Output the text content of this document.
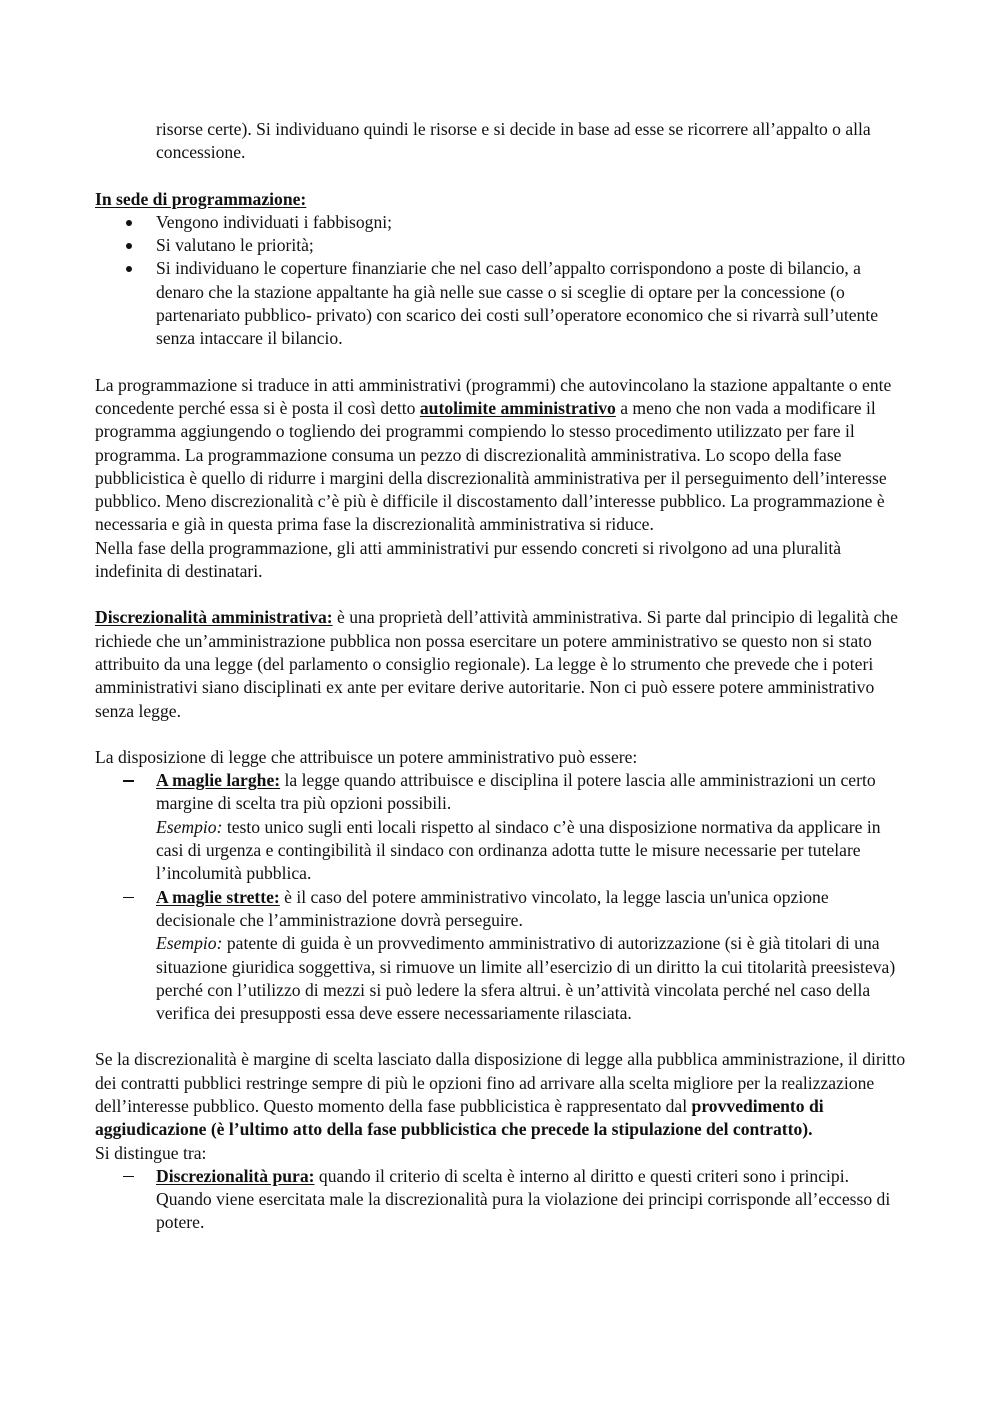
risorse certe). Si individuano quindi le risorse e si decide in base ad esse se ricorrere all’appalto o alla concessione.

In sede di programmazione:

Vengono individuati i fabbisogni;
Si valutano le priorità;
Si individuano le coperture finanziarie che nel caso dell’appalto corrispondono a poste di bilancio, a denaro che la stazione appaltante ha già nelle sue casse o si sceglie di optare per la concessione (o partenariato pubblico- privato) con scarico dei costi sull’operatore economico che si rivarrà sull’utente senza intaccare il bilancio.

La programmazione si traduce in atti amministrativi (programmi) che autovincolano la stazione appaltante o ente concedente perché essa si è posta il così detto autolimite amministrativo a meno che non vada a modificare il programma aggiungendo o togliendo dei programmi compiendo lo stesso procedimento utilizzato per fare il programma. La programmazione consuma un pezzo di discrezionalità amministrativa. Lo scopo della fase pubblicistica è quello di ridurre i margini della discrezionalità amministrativa per il perseguimento dell’interesse pubblico. Meno discrezionalità c’è più è difficile il discostamento dall’interesse pubblico. La programmazione è necessaria e già in questa prima fase la discrezionalità amministrativa si riduce.

Nella fase della programmazione, gli atti amministrativi pur essendo concreti si rivolgono ad una pluralità indefinita di destinatari.

Discrezionalità amministrativa: è una proprietà dell’attività amministrativa. Si parte dal principio di legalità che richiede che un’amministrazione pubblica non possa esercitare un potere amministrativo se questo non si stato attribuito da una legge (del parlamento o consiglio regionale). La legge è lo strumento che prevede che i poteri amministrativi siano disciplinati ex ante per evitare derive autoritarie. Non ci può essere potere amministrativo senza legge.

La disposizione di legge che attribuisce un potere amministrativo può essere:

A maglie larghe: la legge quando attribuisce e disciplina il potere lascia alle amministrazioni un certo margine di scelta tra più opzioni possibili.

Esempio: testo unico sugli enti locali rispetto al sindaco c’è una disposizione normativa da applicare in casi di urgenza e contingibilità il sindaco con ordinanza adotta tutte le misure necessarie per tutelare l’incolumità pubblica.

A maglie strette: è il caso del potere amministrativo vincolato, la legge lascia un'unica opzione decisionale che l’amministrazione dovrà perseguire.

Esempio: patente di guida è un provvedimento amministrativo di autorizzazione (si è già titolari di una situazione giuridica soggettiva, si rimuove un limite all’esercizio di un diritto la cui titolarità preesisteva) perché con l’utilizzo di mezzi si può ledere la sfera altrui. è un’attività vincolata perché nel caso della verifica dei presupposti essa deve essere necessariamente rilasciata.

Se la discrezionalità è margine di scelta lasciato dalla disposizione di legge alla pubblica amministrazione, il diritto dei contratti pubblici restringe sempre di più le opzioni fino ad arrivare alla scelta migliore per la realizzazione dell’interesse pubblico. Questo momento della fase pubblicistica è rappresentato dal provvedimento di aggiudicazione (è l’ultimo atto della fase pubblicistica che precede la stipulazione del contratto).

Si distingue tra:

Discrezionalità pura: quando il criterio di scelta è interno al diritto e questi criteri sono i principi. Quando viene esercitata male la discrezionalità pura la violazione dei principi corrisponde all’eccesso di potere.
